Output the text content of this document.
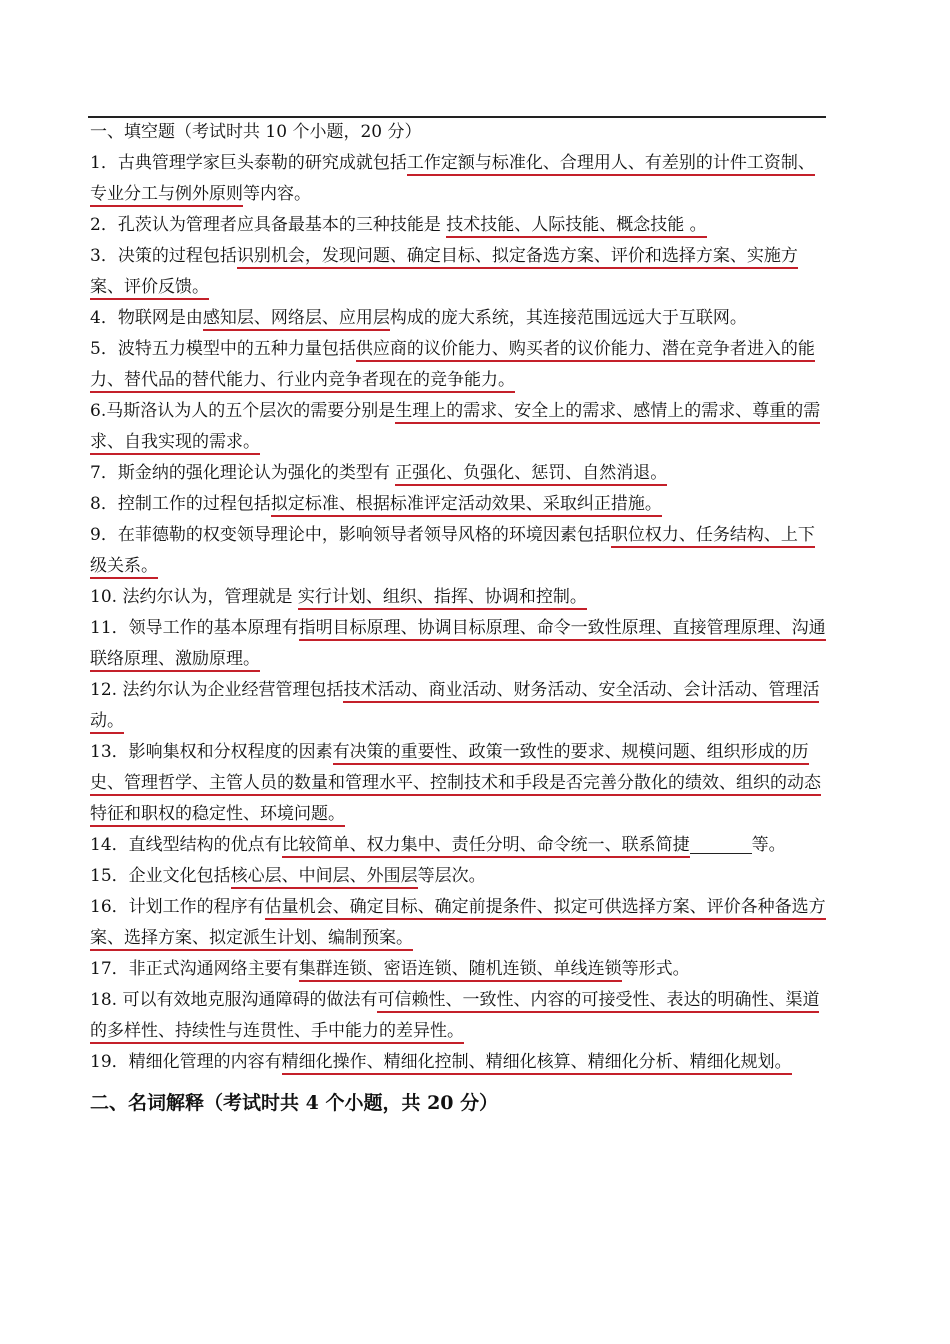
一、填空题（考试时共 10 个小题，20 分）

1．古典管理学家巨头泰勒的研究成就包括工作定额与标准化、合理用人、有差别的计件工资制、专业分工与例外原则等内容。

2．孔茨认为管理者应具备最基本的三种技能是 技术技能、人际技能、概念技能 。

3．决策的过程包括识别机会，发现问题、确定目标、拟定备选方案、评价和选择方案、实施方案、评价反馈。

4．物联网是由感知层、网络层、应用层构成的庞大系统，其连接范围远远大于互联网。

5．波特五力模型中的五种力量包括供应商的议价能力、购买者的议价能力、潜在竞争者进入的能力、替代品的替代能力、行业内竞争者现在的竞争能力。

6.马斯洛认为人的五个层次的需要分别是生理上的需求、安全上的需求、感情上的需求、尊重的需求、自我实现的需求。

7．斯金纳的强化理论认为强化的类型有 正强化、负强化、惩罚、自然消退。

8．控制工作的过程包括拟定标准、根据标准评定活动效果、采取纠正措施。

9．在菲德勒的权变领导理论中，影响领导者领导风格的环境因素包括职位权力、任务结构、上下级关系。

10. 法约尔认为，管理就是 实行计划、组织、指挥、协调和控制。

11．领导工作的基本原理有指明目标原理、协调目标原理、命令一致性原理、直接管理原理、沟通联络原理、激励原理。

12. 法约尔认为企业经营管理包括技术活动、商业活动、财务活动、安全活动、会计活动、管理活动。

13．影响集权和分权程度的因素有决策的重要性、政策一致性的要求、规模问题、组织形成的历史、管理哲学、主管人员的数量和管理水平、控制技术和手段是否完善分散化的绩效、组织的动态特征和职权的稳定性、环境问题。

14．直线型结构的优点有比较简单、权力集中、责任分明、命令统一、联系简捷	等。

15．企业文化包括核心层、中间层、外围层等层次。

16．计划工作的程序有估量机会、确定目标、确定前提条件、拟定可供选择方案、评价各种备选方案、选择方案、拟定派生计划、编制预案。

17．非正式沟通网络主要有集群连锁、密语连锁、随机连锁、单线连锁等形式。

18. 可以有效地克服沟通障碍的做法有可信赖性、一致性、内容的可接受性、表达的明确性、渠道的多样性、持续性与连贯性、手中能力的差异性。

19．精细化管理的内容有精细化操作、精细化控制、精细化核算、精细化分析、精细化规划。

二、名词解释（考试时共 4 个小题，共 20 分）
